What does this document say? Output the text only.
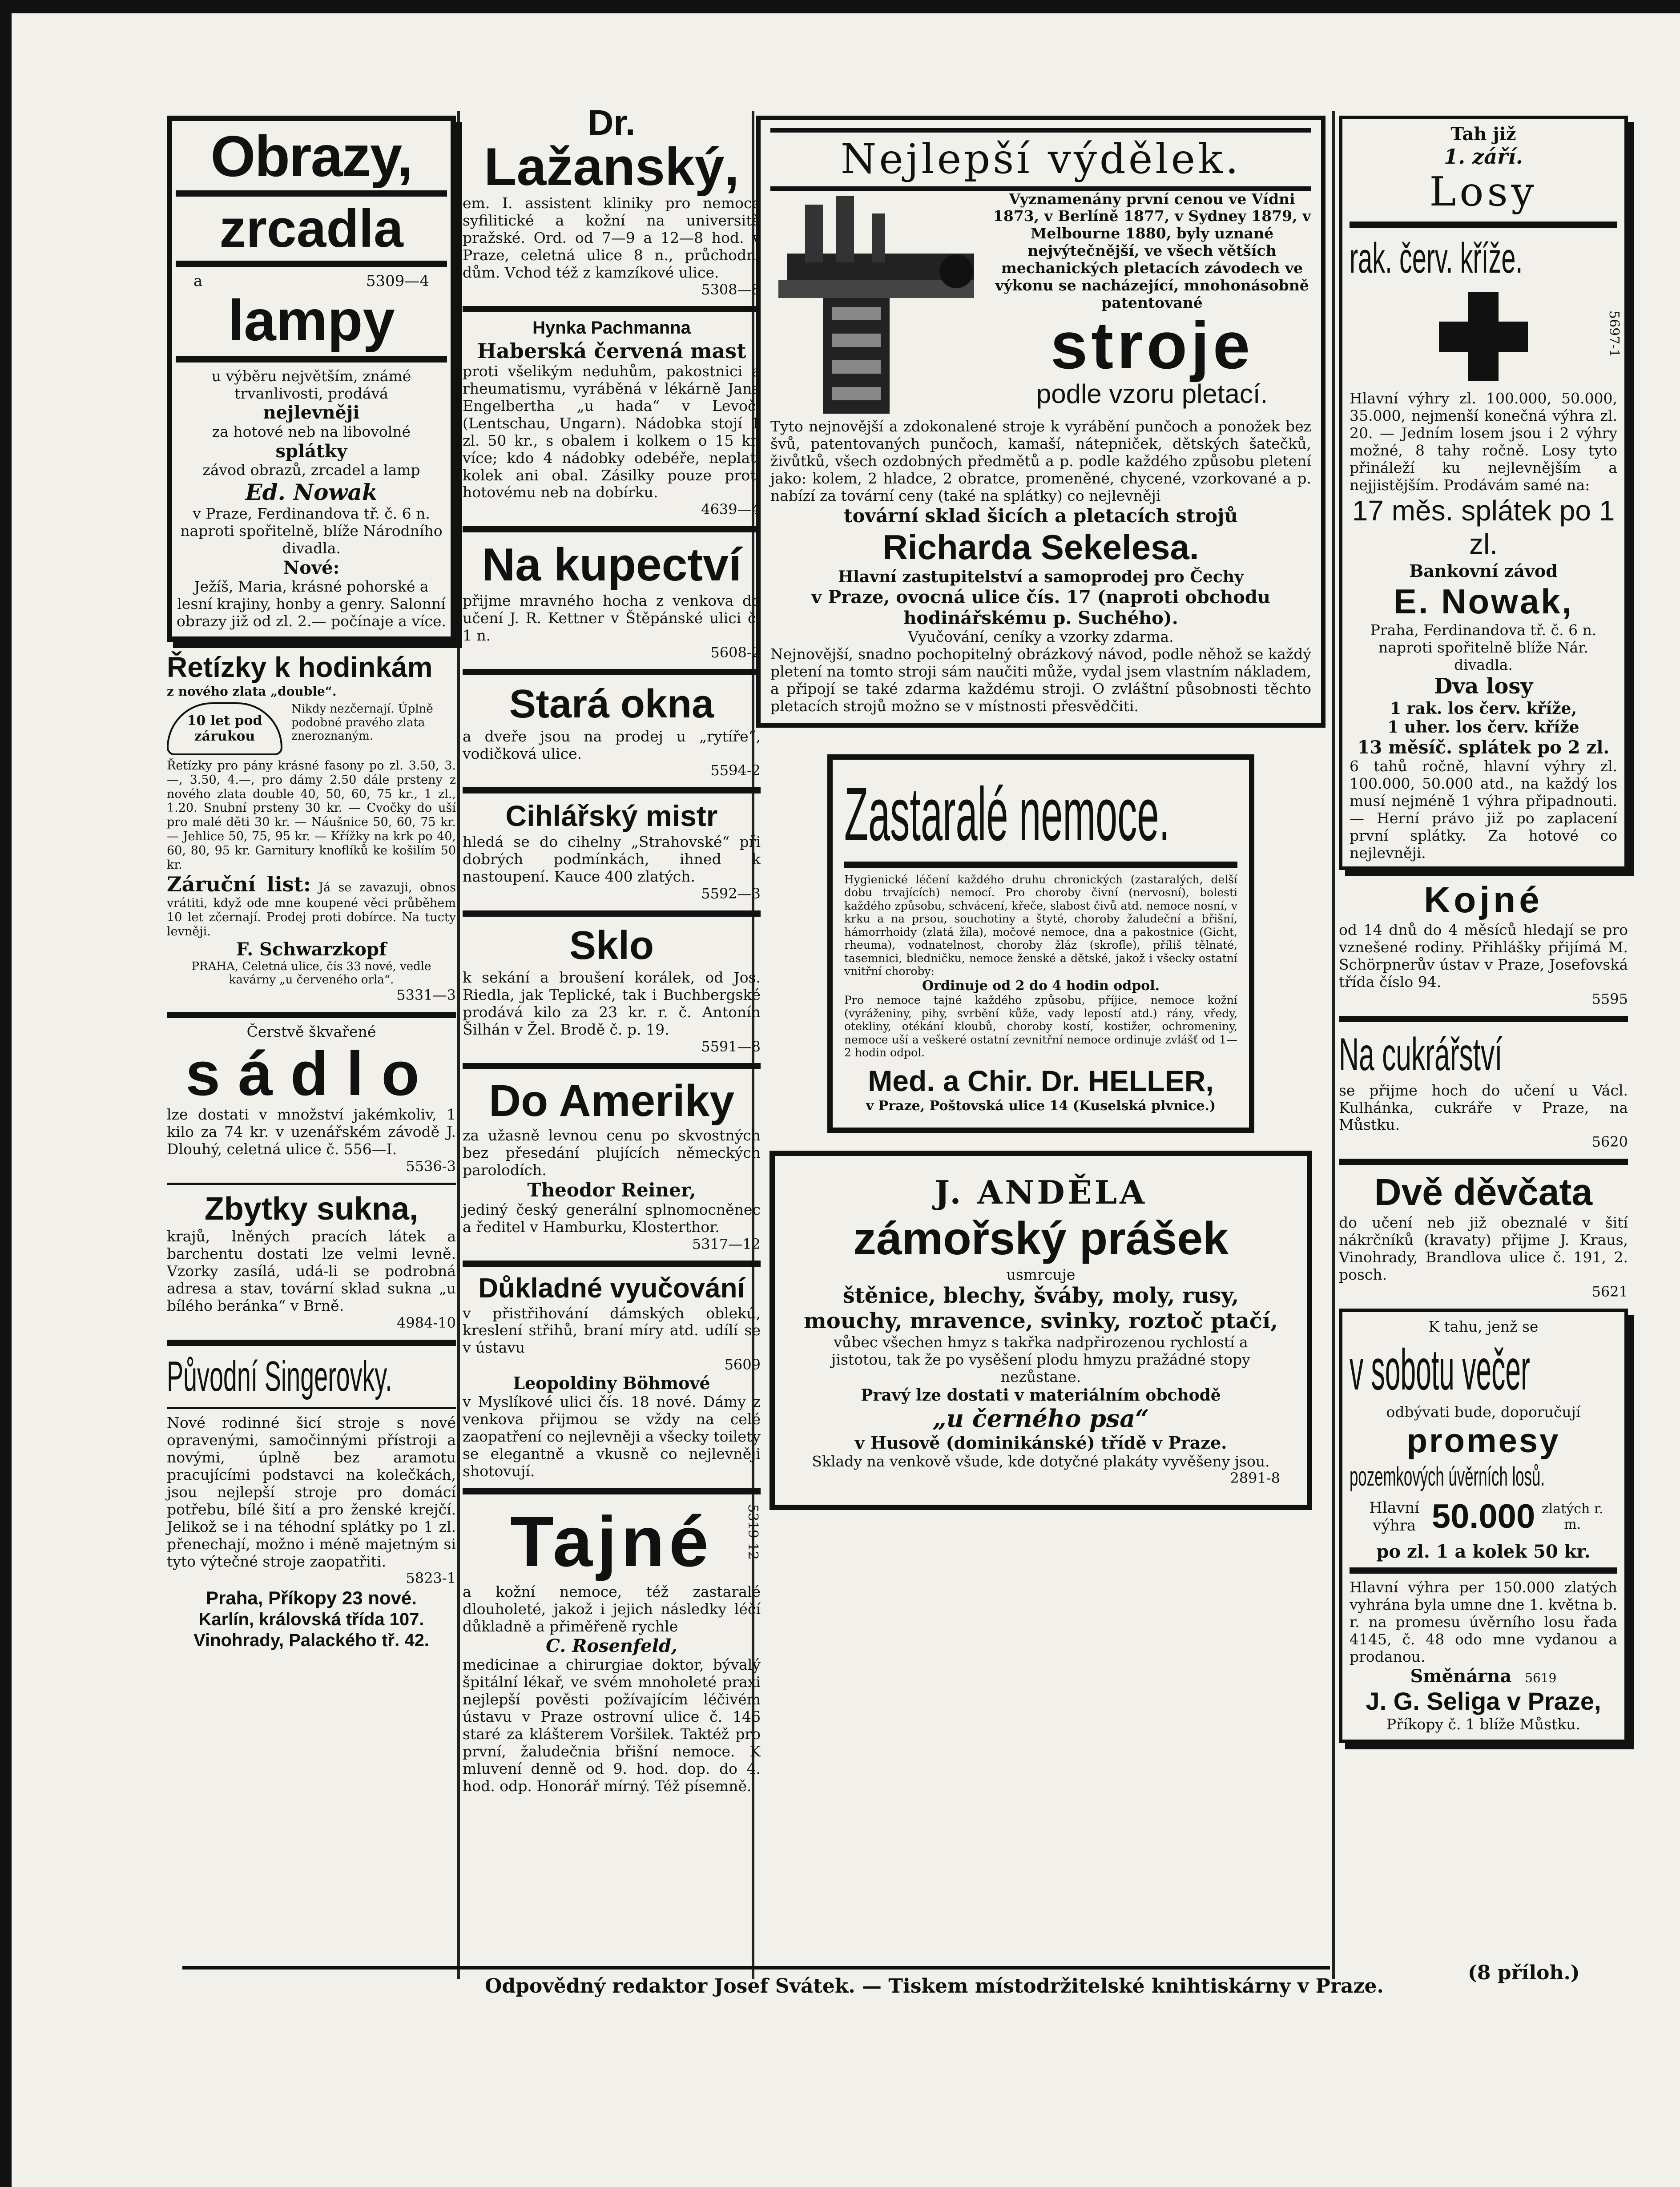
Obrazy,
zrcadla
a	5309—4
lampy

u výběru největším, známé trvanlivosti, prodává

nejlevněji

za hotové neb na libovolné

splátky

závod obrazů, zrcadel a lamp

Ed. Nowak

v Praze, Ferdinandova tř. č. 6 n. naproti spořitelně, blíže Národního divadla.

Nové:

Ježíš, Maria, krásné pohorské a lesní krajiny, honby a genry. Salonní obrazy již od zl. 2.— počínaje a více.

Řetízky k hodinkám

z nového zlata „double“.

10 let pod zárukou

Nikdy nezčernají. Úplně podobné pravého zlata zneroznaným.

Řetízky pro pány krásné fasony po zl. 3.50, 3.—, 3.50, 4.—, pro dámy 2.50 dále prsteny z nového zlata double 40, 50, 60, 75 kr., 1 zl., 1.20. Snubní prsteny 30 kr. — Cvočky do uší pro malé děti 30 kr. — Náušnice 50, 60, 75 kr. — Jehlice 50, 75, 95 kr. — Křížky na krk po 40, 60, 80, 95 kr. Garnitury knoflíků ke košilím 50 kr.

Záruční list: Já se zavazuji, obnos vrátiti, když ode mne koupené věci průběhem 10 let zčernají. Prodej proti dobírce. Na tucty levněji.

F. Schwarzkopf

PRAHA, Celetná ulice, čís 33 nové, vedle kavárny „u červeného orla“.

5331—3

Čerstvě škvařené

sádlo

lze dostati v množství jakémkoliv, 1 kilo za 74 kr. v uzenářském závodě J. Dlouhý, celetná ulice č. 556—I.

5536-3

Zbytky sukna,

krajů, lněných pracích látek a barchentu dostati lze velmi levně. Vzorky zasílá, udá-li se podrobná adresa a stav, tovární sklad sukna „u bílého beránka“ v Brně.

4984-10

Původní Singerovky.

Nové rodinné šicí stroje s nové opravenými, samočinnými přístroji a novými, úplně bez aramotu pracujícími podstavci na kolečkách, jsou nejlepší stroje pro domácí potřebu, bílé šití a pro ženské krejčí. Jelikož se i na téhodní splátky po 1 zl. přenechají, možno i méně majetným si tyto výtečné stroje zaopatřiti.

5823-1

Praha, Příkopy 23 nové.

Karlín, královská třída 107.

Vinohrady, Palackého tř. 42.

Dr.
Lažanský,

em. I. assistent kliniky pro nemoce syfilitické a kožní na universitě pražské. Ord. od 7—9 a 12—8 hod. v Praze, celetná ulice 8 n., průchodní dům. Vchod též z kamzíkové ulice.

5308—8

Hynka Pachmanna

Haberská červená mast

proti všelikým neduhům, pakostnici a rheumatismu, vyráběná v lékárně Jana Engelbertha „u hada“ v Levoči (Lentschau, Ungarn). Nádobka stojí 1 zl. 50 kr., s obalem i kolkem o 15 kr. více; kdo 4 nádobky odebéře, neplatí kolek ani obal. Zásilky pouze proti hotovému neb na dobírku.

4639—4

Na kupectví

přijme mravného hocha z venkova do učení J. R. Kettner v Štěpánské ulici č. 1 n.

5608-2

Stará okna

a dveře jsou na prodej u „rytíře“, vodičková ulice.

5594-2

Cihlářský mistr

hledá se do cihelny „Strahovské“ při dobrých podmínkách, ihned k nastoupení. Kauce 400 zlatých.

5592—3

Sklo

k sekání a broušení korálek, od Jos. Riedla, jak Teplické, tak i Buchbergské prodává kilo za 23 kr. r. č. Antonín Šilhán v Žel. Brodě č. p. 19.

5591—8

Do Ameriky

za užasně levnou cenu po skvostných bez přesedání plujících německých parolodích.

Theodor Reiner,

jediný český generální splnomocněnec a ředitel v Hamburku, Klosterthor.

5317—12

Důkladné vyučování

v přistřihování dámských oblekú, kreslení střihů, braní míry atd. udílí se v ústavu

5609

Leopoldiny Böhmové

v Myslíkové ulici čís. 18 nové. Dámy z venkova přijmou se vždy na celé zaopatření co nejlevněji a všecky toilety se elegantně a vkusně co nejlevněji shotovují.

Tajné	5319-12

a kožní nemoce, též zastaralé dlouholeté, jakož i jejich následky léčí důkladně a přiměřeně rychle

C. Rosenfeld,

medicinae a chirurgiae doktor, bývalý špitální lékař, ve svém mnoholeté praxi nejlepší pověsti požívajícím léčivém ústavu v Praze ostrovní ulice č. 146 staré za klášterem Voršilek. Taktéž pro první, žaludečnia břišní nemoce. K mluvení denně od 9. hod. dop. do 4. hod. odp. Honorář mírný. Též písemně.

Nejlepší výdělek.

Vyznamenány první cenou ve Vídni 1873, v Berlíně 1877, v Sydney 1879, v Melbourne 1880, byly uznané nejvýtečnější, ve všech větších mechanických pletacích závodech ve výkonu se nacházející, mnohonásobně patentované

stroje
podle vzoru pletací.

Tyto nejnovější a zdokonalené stroje k vyrábění punčoch a ponožek bez švů, patentovaných punčoch, kamaší, nátepniček, dětských šatečků, živůtků, všech ozdobných předmětů a p. podle každého způsobu pletení jako: kolem, 2 hladce, 2 obratce, promeněné, chycené, vzorkované a p. nabízí za tovární ceny (také na splátky) co nejlevněji

tovární sklad šicích a pletacích strojů

Richarda Sekelesa.

Hlavní zastupitelství a samoprodej pro Čechy

v Praze, ovocná ulice čís. 17 (naproti obchodu hodinářskému p. Suchého).

Vyučování, ceníky a vzorky zdarma.

Nejnovější, snadno pochopitelný obrázkový návod, podle něhož se každý pletení na tomto stroji sám naučiti může, vydal jsem vlastním nákladem, a připojí se také zdarma každému stroji. O zvláštní působnosti těchto pletacích strojů možno se v místnosti přesvědčiti.

Zastaralé nemoce.

Hygienické léčení každého druhu chronických (zastaralých, delší dobu trvajících) nemocí. Pro choroby čivní (nervosní), bolesti každého způsobu, schvácení, křeče, slabost čivů atd. nemoce nosní, v krku a na prsou, souchotiny a štyté, choroby žaludeční a břišní, hámorrhoidy (zlatá žíla), močové nemoce, dna a pakostnice (Gicht, rheuma), vodnatelnost, choroby žláz (skrofle), příliš tělnaté, tasemnici, bledničku, nemoce ženské a dětské, jakož i všecky ostatní vnitřní choroby:

Ordinuje od 2 do 4 hodin odpol.

Pro nemoce tajné každého způsobu, příjice, nemoce kožní (vyráženiny, pihy, svrbění kůže, vady lepostí atd.) rány, vředy, otekliny, otékání kloubů, choroby kostí, kostižer, ochromeniny, nemoce uší a veškeré ostatní zevnitřní nemoce ordinuje zvlášť od 1—2 hodin odpol.

Med. a Chir. Dr. HELLER,

v Praze, Poštovská ulice 14 (Kuselská plvnice.)

J. ANDĚLA
zámořský prášek

usmrcuje

štěnice, blechy, šváby, moly, rusy, mouchy, mravence, svinky, roztoč ptačí,

vůbec všechen hmyz s takřka nadpřirozenou rychlostí a jistotou, tak že po vysěšení plodu hmyzu pražádné stopy nezůstane.

Pravý lze dostati v materiálním obchodě

„u černého psa“

v Husově (dominikánské) třídě v Praze.

Sklady na venkově všude, kde dotyčné plakáty vyvěšeny jsou.

2891-8

Tah již

1. září.

Losy
rak. červ. kříže.
5697-1

Hlavní výhry zl. 100.000, 50.000, 35.000, nejmenší konečná výhra zl. 20. — Jedním losem jsou i 2 výhry možné, 8 tahy ročně. Losy tyto přináleží ku nejlevnějším a nejjistějším. Prodávám samé na:

17 měs. splátek po 1 zl.

Bankovní závod

E. Nowak,

Praha, Ferdinandova tř. č. 6 n. naproti spořitelně blíže Nár. divadla.

Dva losy

1 rak. los červ. kříže,

1 uher. los červ. kříže

13 měsíč. splátek po 2 zl.

6 tahů ročně, hlavní výhry zl. 100.000, 50.000 atd., na každý los musí nejméně 1 výhra připadnouti. — Herní právo již po zaplacení první splátky. Za hotové co nejlevněji.

Kojné

od 14 dnů do 4 měsíců hledají se pro vznešené rodiny. Přihlášky přijímá M. Schörpnerův ústav v Praze, Josefovská třída číslo 94.

5595

Na cukrářství

se přijme hoch do učení u Václ. Kulhánka, cukráře v Praze, na Můstku.

5620

Dvě děvčata

do učení neb již obeznalé v šití nákrčníků (kravaty) přijme J. Kraus, Vinohrady, Brandlova ulice č. 191, 2. posch.

5621

K tahu, jenž se

v sobotu večer

odbývati bude, doporučují

promesy
pozemkových úvěrních losů.
Hlavní výhra 50.000 zlatých r. m.

po zl. 1 a kolek 50 kr.

Hlavní výhra per 150.000 zlatých vyhrána byla umne dne 1. května b. r. na promesu úvěrního losu řada 4145, č. 48 odo mne vydanou a prodanou.

Směnárna 5619
J. G. Seliga v Praze,

Příkopy č. 1 blíže Můstku.

Odpovědný redaktor Josef Svátek. — Tiskem místodržitelské knihtiskárny v Praze.
(8 příloh.)
